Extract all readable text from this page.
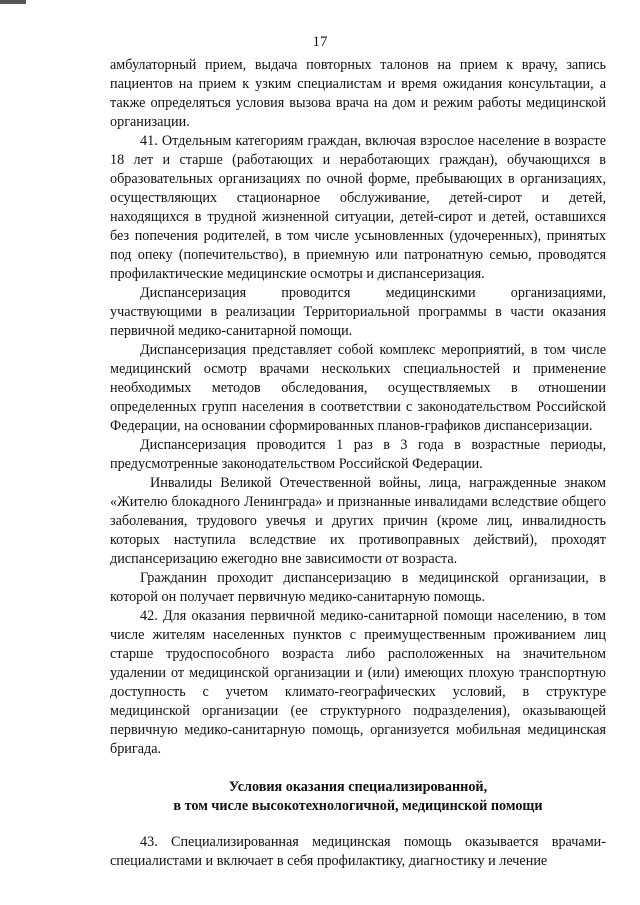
17

амбулаторный прием, выдача повторных талонов на прием к врачу, запись пациентов на прием к узким специалистам и время ожидания консультации, а также определяться условия вызова врача на дом и режим работы медицинской организации.

41. Отдельным категориям граждан, включая взрослое население в возрасте 18 лет и старше (работающих и неработающих граждан), обучающихся в образовательных организациях по очной форме, пребывающих в организациях, осуществляющих стационарное обслуживание, детей-сирот и детей, находящихся в трудной жизненной ситуации, детей-сирот и детей, оставшихся без попечения родителей, в том числе усыновленных (удочеренных), принятых под опеку (попечительство), в приемную или патронатную семью, проводятся профилактические медицинские осмотры и диспансеризация.

Диспансеризация проводится медицинскими организациями, участвующими в реализации Территориальной программы в части оказания первичной медико-санитарной помощи.

Диспансеризация представляет собой комплекс мероприятий, в том числе медицинский осмотр врачами нескольких специальностей и применение необходимых методов обследования, осуществляемых в отношении определенных групп населения в соответствии с законодательством Российской Федерации, на основании сформированных планов-графиков диспансеризации.

Диспансеризация проводится 1 раз в 3 года в возрастные периоды, предусмотренные законодательством Российской Федерации.

Инвалиды Великой Отечественной войны, лица, награжденные знаком «Жителю блокадного Ленинграда» и признанные инвалидами вследствие общего заболевания, трудового увечья и других причин (кроме лиц, инвалидность которых наступила вследствие их противоправных действий), проходят диспансеризацию ежегодно вне зависимости от возраста.

Гражданин проходит диспансеризацию в медицинской организации, в которой он получает первичную медико-санитарную помощь.

42. Для оказания первичной медико-санитарной помощи населению, в том числе жителям населенных пунктов с преимущественным проживанием лиц старше трудоспособного возраста либо расположенных на значительном удалении от медицинской организации и (или) имеющих плохую транспортную доступность с учетом климато-географических условий, в структуре медицинской организации (ее структурного подразделения), оказывающей первичную медико-санитарную помощь, организуется мобильная медицинская бригада.

Условия оказания специализированной,
в том числе высокотехнологичной, медицинской помощи

43. Специализированная медицинская помощь оказывается врачами-специалистами и включает в себя профилактику, диагностику и лечение
